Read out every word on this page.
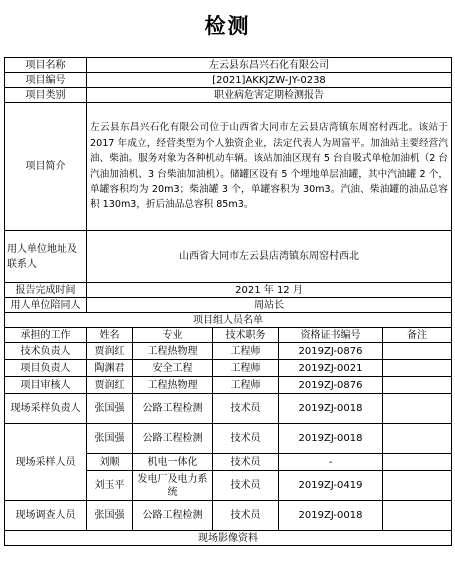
检测
项目名称	左云县东昌兴石化有限公司				
项目编号	[2021]AKKJZW-JY-0238				
项目类别	职业病危害定期检测报告				
项目简介	左云县东昌兴石化有限公司位于山西省大同市左云县店湾镇东周窑村西北。该站于 2017 年成立，经营类型为个人独资企业，法定代表人为周富平。加油站主要经营汽油、柴油。服务对象为各种机动车辆。该站加油区现有 5 台自吸式单枪加油机（2 台汽油加油机、3 台柴油加油机）。储罐区设有 5 个埋地单层油罐，其中汽油罐 2 个，单罐容积均为 20m3；柴油罐 3 个，单罐容积为 30m3。汽油、柴油罐的油品总容积 130m3，折后油品总容积 85m3。				
用人单位地址及联系人	山西省大同市左云县店湾镇东周窑村西北				
报告完成时间	2021 年 12 月				
用人单位陪同人	周站长				
项目组人员名单					
承担的工作	姓名	专业	技术职务	资格证书编号	备注
技术负责人	贾润红	工程热物理	工程师	2019ZJ-0876	
项目负责人	陶渊君	安全工程	工程师	2019ZJ-0021	
项目审核人	贾润红	工程热物理	工程师	2019ZJ-0876	
现场采样负责人	张国强	公路工程检测	技术员	2019ZJ-0018	
现场采样人员	张国强	公路工程检测	技术员	2019ZJ-0018	
	刘顺	机电一体化	技术员	-	
	刘玉平	发电厂及电力系统	技术员	2019ZJ-0419	
现场调查人员	张国强	公路工程检测	技术员	2019ZJ-0018	
现场影像资料					
